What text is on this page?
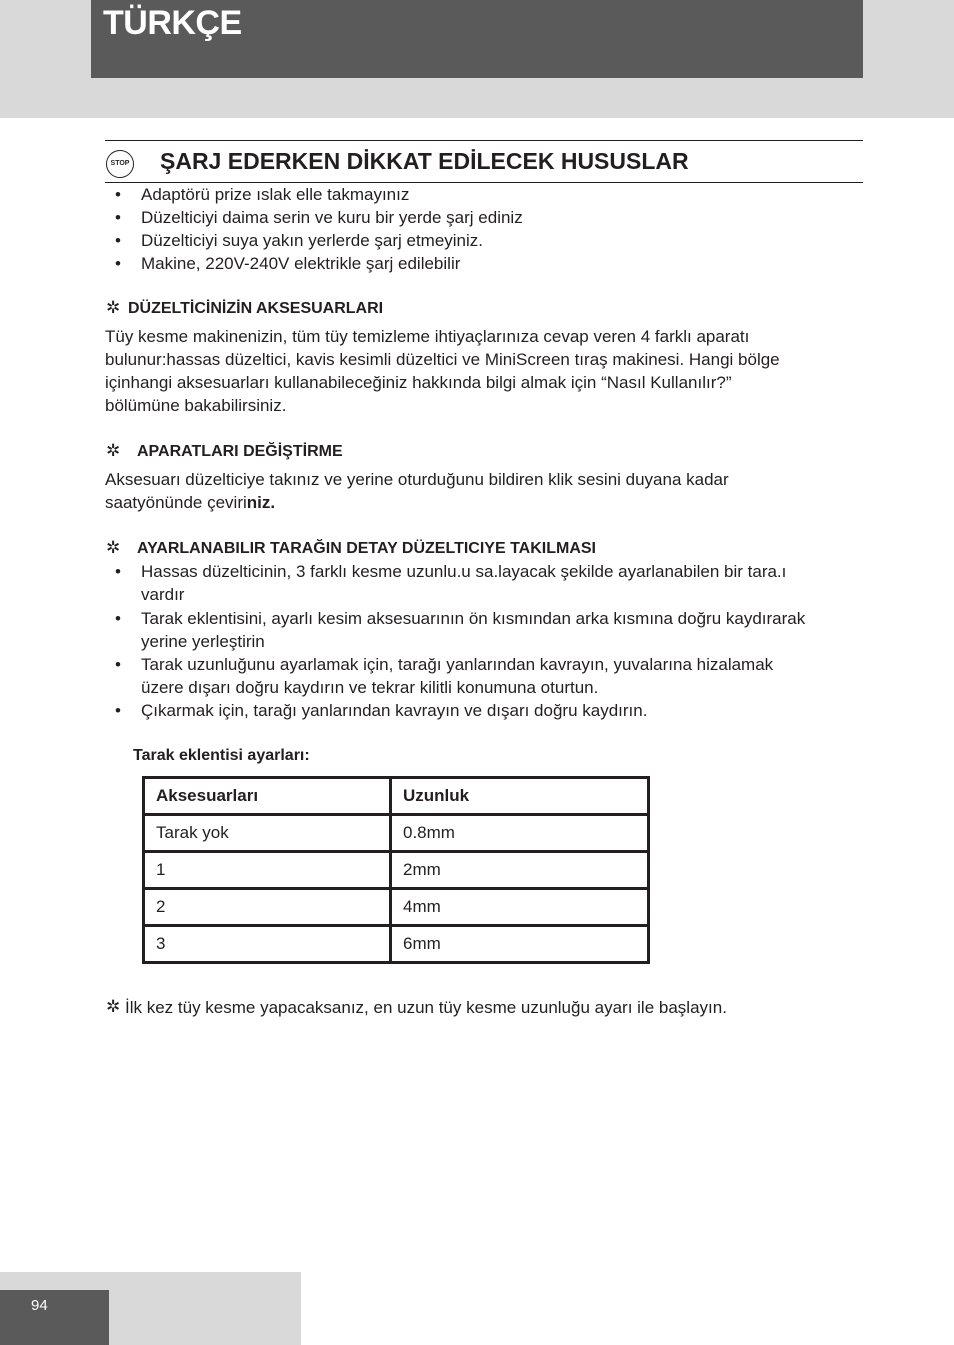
TÜRKÇE
STOP ŞARJ EDERKEN DİKKAT EDİLECEK HUSUSLAR
• Adaptörü prize ıslak elle takmayınız
• Düzelticiyi daima serin ve kuru bir yerde şarj ediniz
• Düzelticiyi suya yakın yerlerde şarj etmeyiniz.
• Makine, 220V-240V elektrikle şarj edilebilir
✲ DÜZELTİCİNİZİN AKSESUARLARI
Tüy kesme makinenizin, tüm tüy temizleme ihtiyaçlarınıza cevap veren 4 farklı aparatı
bulunur:hassas düzeltici, kavis kesimli düzeltici ve MiniScreen tıraş makinesi. Hangi bölge
içinhangi aksesuarları kullanabileceğiniz hakkında bilgi almak için “Nasıl Kullanılır?”
bölümüne bakabilirsiniz.
✲ APARATLARI DEĞİŞTİRME
Aksesuarı düzelticiye takınız ve yerine oturduğunu bildiren klik sesini duyana kadar
saatyönünde çeviriniz.
✲ AYARLANABILIR TARAĞIN DETAY DÜZELTICIYE TAKILMASI
• Hassas düzelticinin, 3 farklı kesme uzunlu.u sa.layacak şekilde ayarlanabilen bir tara.ı
vardır
• Tarak eklentisini, ayarlı kesim aksesuarının ön kısmından arka kısmına doğru kaydırarak
yerine yerleştirin
• Tarak uzunluğunu ayarlamak için, tarağı yanlarından kavrayın, yuvalarına hizalamak
üzere dışarı doğru kaydırın ve tekrar kilitli konumuna oturtun.
• Çıkarmak için, tarağı yanlarından kavrayın ve dışarı doğru kaydırın.
Tarak eklentisi ayarları:
Aksesuarları	Uzunluk
Tarak yok	0.8mm
1	2mm
2	4mm
3	6mm
✲ İlk kez tüy kesme yapacaksanız, en uzun tüy kesme uzunluğu ayarı ile başlayın.
94
